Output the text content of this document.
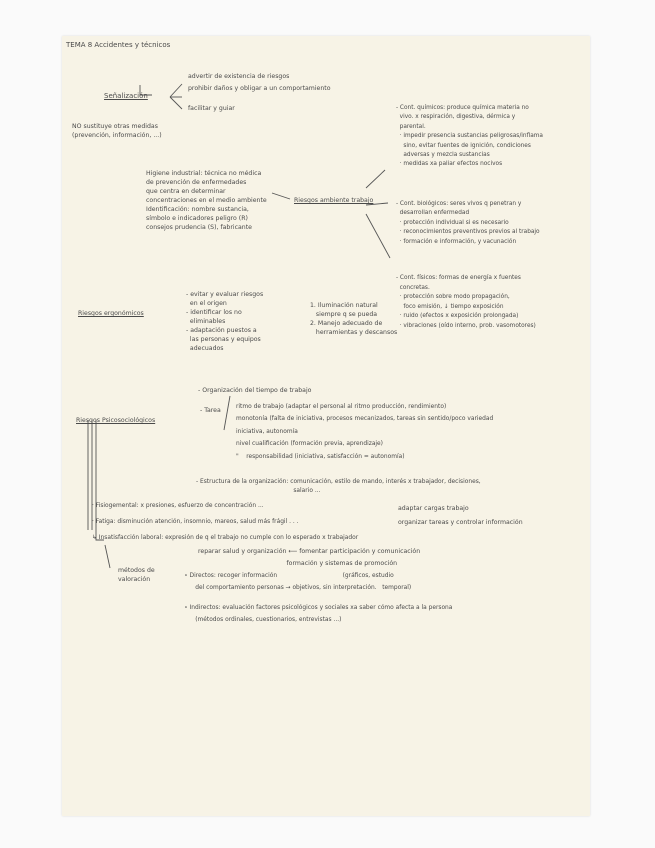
TEMA 8 Accidentes y técnicos

Señalización

advertir de existencia de riesgos

prohibir daños y obligar a un comportamiento

facilitar y guiar

NO sustituye otras medidas
(prevención, información, ...)

Higiene industrial: técnica no médica
de prevención de enfermedades
que centra en determinar
concentraciones en el medio ambiente
Identificación: nombre sustancia,
símbolo e indicadores peligro (R)
consejos prudencia (S), fabricante

Riesgos ambiente trabajo

- Cont. químicos: produce química materia no
vivo. x respiración, digestiva, dérmica y
parental.
· impedir presencia sustancias peligrosas/inflama
sino, evitar fuentes de ignición, condiciones
adversas y mezcla sustancias
· medidas xa paliar efectos nocivos

- Cont. biológicos: seres vivos q penetran y
desarrollan enfermedad
· protección individual si es necesario
· reconocimientos preventivos previos al trabajo
· formación e información, y vacunación

- Cont. físicos: formas de energía x fuentes
concretas.
· protección sobre modo propagación,
foco emisión, ↓ tiempo exposición
· ruido (efectos x exposición prolongada)
· vibraciones (oído interno, prob. vasomotores)

Riesgos ergonómicos

- evitar y evaluar riesgos
en el origen
- identificar los no
eliminables
- adaptación puestos a
las personas y equipos
adecuados

1. Iluminación natural
siempre q se pueda
2. Manejo adecuado de
herramientas y descansos

- Organización del tiempo de trabajo

Riesgos Psicosociológicos

- Tarea	ritmo de trabajo (adaptar el personal al ritmo producción, rendimiento)
monotonía (falta de iniciativa, procesos mecanizados, tareas sin sentido/poco variedad
iniciativa, autonomía
nivel cualificación (formación previa, aprendizaje)
"    responsabilidad (iniciativa, satisfacción = autonomía)

- Estructura de la organización: comunicación, estilo de mando, interés x trabajador, decisiones,
salario ...

· Fisiogemental: x presiones, esfuerzo de concentración ...
· Fatiga: disminución atención, insomnio, mareos, salud más frágil . . .
↳ Insatisfacción laboral: expresión de q el trabajo no cumple con lo esperado x trabajador

adaptar cargas trabajo
organizar tareas y controlar información

reparar salud y organización ⟵ fomentar participación y comunicación
formación y sistemas de promoción

métodos de
valoración	∘ Directos: recoger información                                   (gráficos, estudio
del comportamiento personas → objetivos, sin interpretación.   temporal)

∘ Indirectos: evaluación factores psicológicos y sociales xa saber cómo afecta a la persona
(métodos ordinales, cuestionarios, entrevistas ...)
